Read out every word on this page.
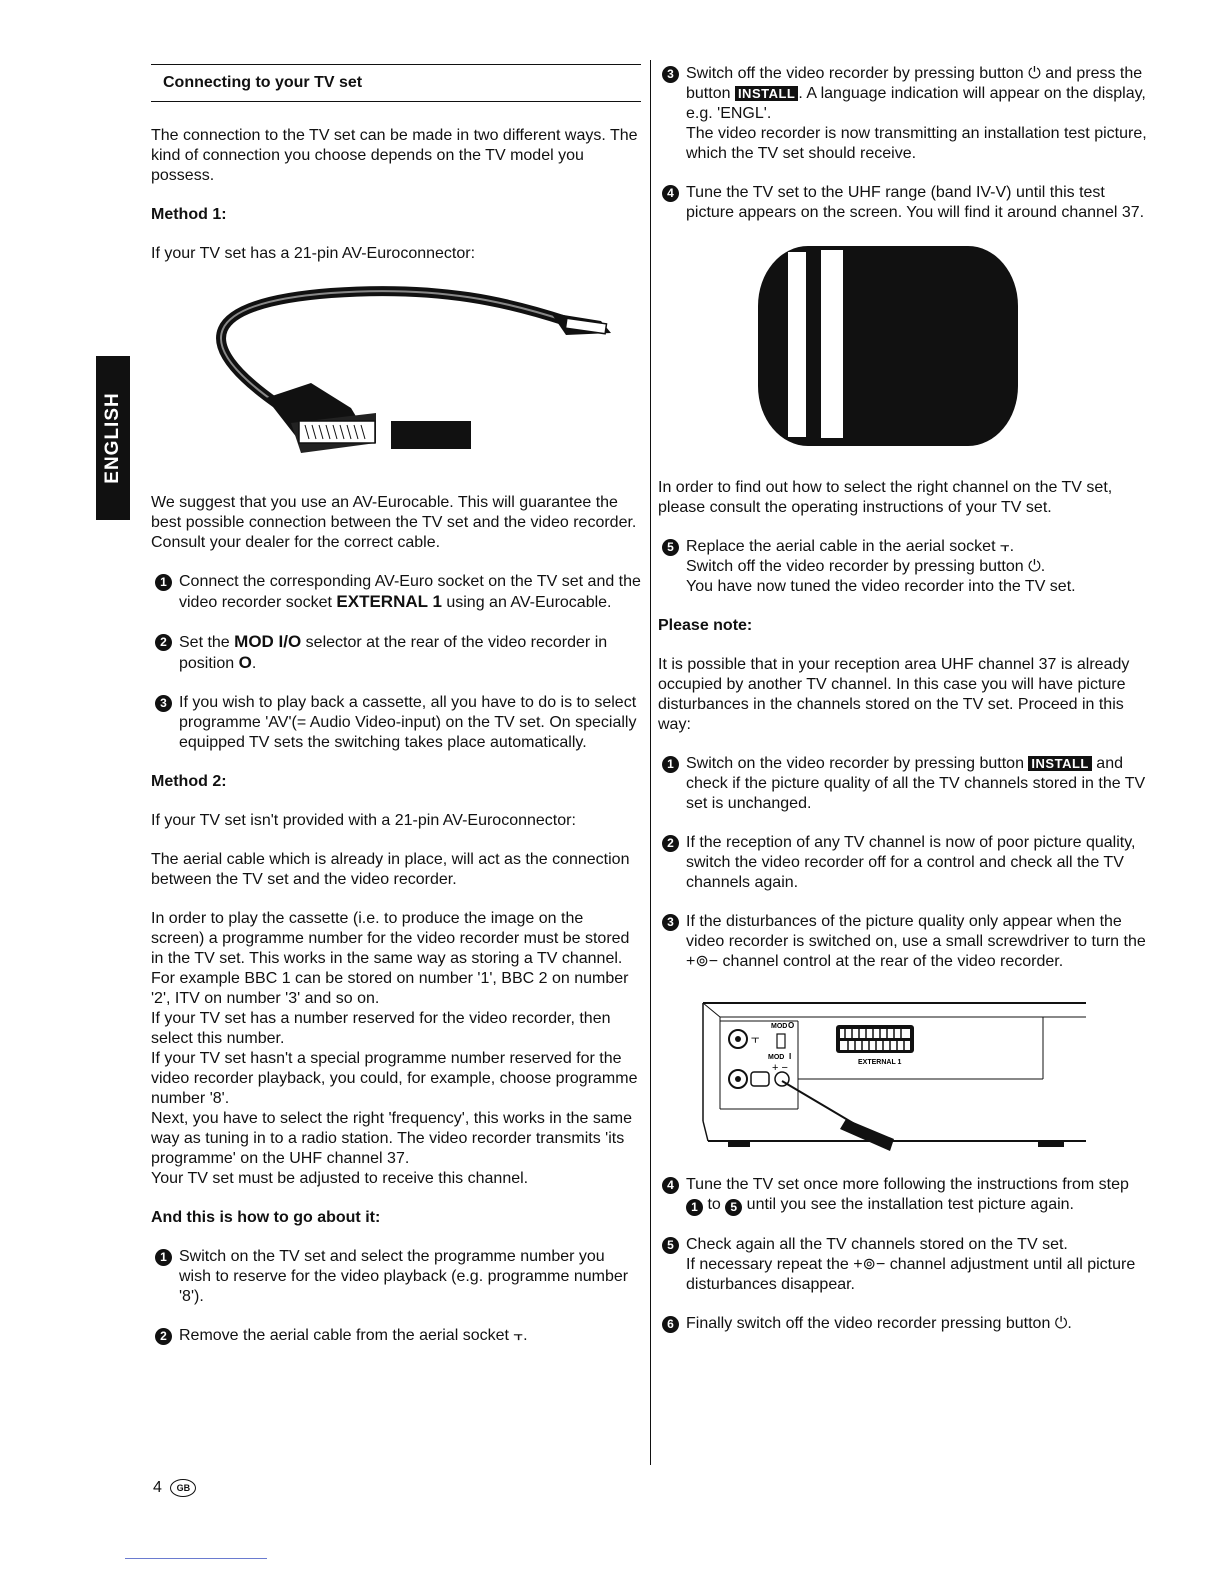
ENGLISH
Connecting to your TV set

The connection to the TV set can be made in two different ways. The kind of connection you choose depends on the TV model you possess.

Method 1:

If your TV set has a 21-pin AV-Euroconnector:

We suggest that you use an AV-Eurocable. This will guarantee the best possible connection between the TV set and the video recorder. Consult your dealer for the correct cable.

1 Connect the corresponding AV-Euro socket on the TV set and the video recorder socket EXTERNAL 1 using an AV-Eurocable.
2 Set the MOD I/O selector at the rear of the video recorder in position O.
3 If you wish to play back a cassette, all you have to do is to select programme 'AV'(= Audio Video-input) on the TV set. On specially equipped TV sets the switching takes place automatically.

Method 2:

If your TV set isn't provided with a 21-pin AV-Euroconnector:

The aerial cable which is already in place, will act as the connection between the TV set and the video recorder.

In order to play the cassette (i.e. to produce the image on the screen) a programme number for the video recorder must be stored in the TV set. This works in the same way as storing a TV channel.
For example BBC 1 can be stored on number '1', BBC 2 on number '2', ITV on number '3' and so on.
If your TV set has a number reserved for the video recorder, then select this number.
If your TV set hasn't a special programme number reserved for the video recorder playback, you could, for example, choose programme number '8'.
Next, you have to select the right 'frequency', this works in the same way as tuning in to a radio station. The video recorder transmits 'its programme' on the UHF channel 37.
Your TV set must be adjusted to receive this channel.

And this is how to go about it:

1 Switch on the TV set and select the programme number you wish to reserve for the video playback (e.g. programme number '8').
2 Remove the aerial cable from the aerial socket ⫟.
3 Switch off the video recorder by pressing button ⏻ and press the button INSTALL . A language indication will appear on the display, e.g. 'ENGL'.
The video recorder is now transmitting an installation test picture, which the TV set should receive.
4 Tune the TV set to the UHF range (band IV-V) until this test picture appears on the screen. You will find it around channel 37.

In order to find out how to select the right channel on the TV set, please consult the operating instructions of your TV set.

5 Replace the aerial cable in the aerial socket ⫟.
Switch off the video recorder by pressing button ⏻.
You have now tuned the video recorder into the TV set.

Please note:

It is possible that in your reception area UHF channel 37 is already occupied by another TV channel. In this case you will have picture disturbances in the channels stored on the TV set. Proceed in this way:

1 Switch on the video recorder by pressing button INSTALL and check if the picture quality of all the TV channels stored in the TV set is unchanged.
2 If the reception of any TV channel is now of poor picture quality, switch the video recorder off for a control and check all the TV channels again.
3 If the disturbances of the picture quality only appear when the video recorder is switched on, use a small screwdriver to turn the +⊚− channel control at the rear of the video recorder.
⫟
MOD O
MOD I
+ −	EXTERNAL 1
4 Tune the TV set once more following the instructions from step 1 to 5 until you see the installation test picture again.
5 Check again all the TV channels stored on the TV set.
If necessary repeat the +⊚− channel adjustment until all picture disturbances disappear.
6 Finally switch off the video recorder pressing button ⏻.
4 GB
